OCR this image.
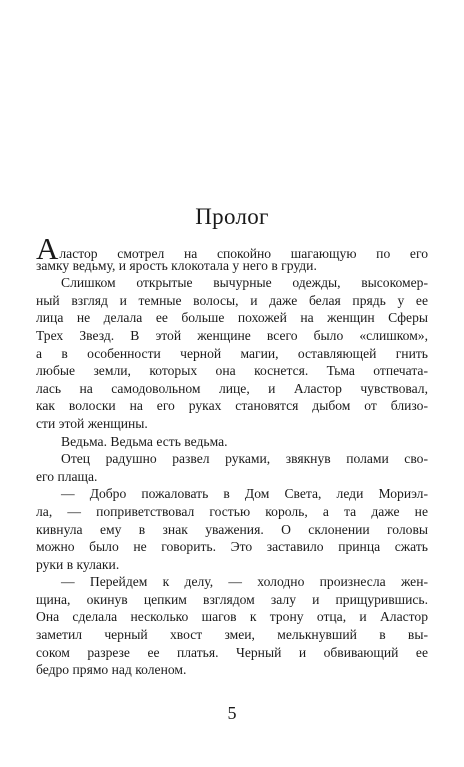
Пролог
Аластор смотрел на спокойно шагающую по его
замку ведьму, и ярость клокотала у него в груди.
Слишком открытые вычурные одежды, высокомер-
ный взгляд и темные волосы, и даже белая прядь у ее
лица не делала ее больше похожей на женщин Сферы
Трех Звезд. В этой женщине всего было «слишком»,
а в особенности черной магии, оставляющей гнить
любые земли, которых она коснется. Тьма отпечата-
лась на самодовольном лице, и Аластор чувствовал,
как волоски на его руках становятся дыбом от близо-
сти этой женщины.
Ведьма. Ведьма есть ведьма.
Отец радушно развел руками, звякнув полами сво-
его плаща.
— Добро пожаловать в Дом Света, леди Мориэл-
ла, — поприветствовал гостью король, а та даже не
кивнула ему в знак уважения. О склонении головы
можно было не говорить. Это заставило принца сжать
руки в кулаки.
— Перейдем к делу, — холодно произнесла жен-
щина, окинув цепким взглядом залу и прищурившись.
Она сделала несколько шагов к трону отца, и Аластор
заметил черный хвост змеи, мелькнувший в вы-
соком разрезе ее платья. Черный и обвивающий ее
бедро прямо над коленом.
5
